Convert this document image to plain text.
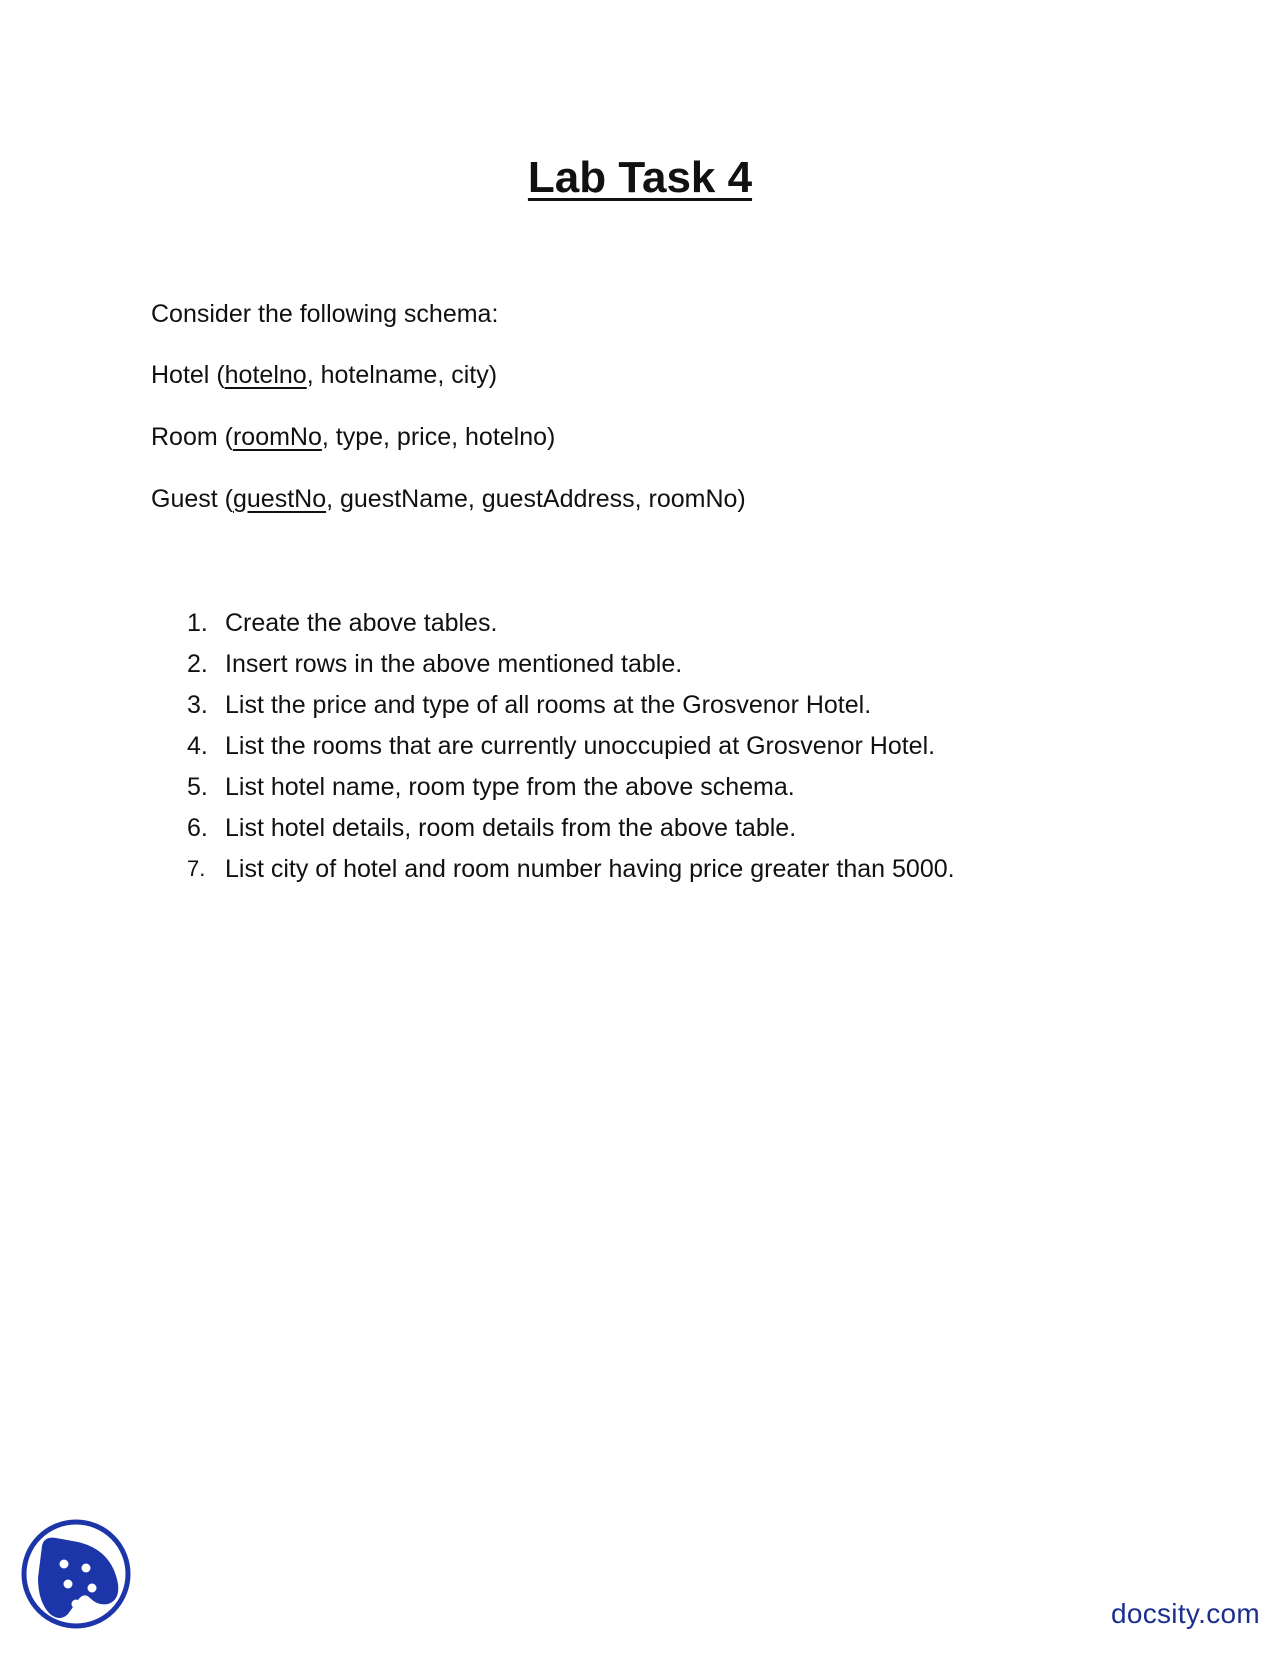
Lab Task 4
Consider the following schema:
Hotel (hotelno, hotelname, city)
Room (roomNo, type, price, hotelno)
Guest (guestNo, guestName, guestAddress, roomNo)
1. Create the above tables.
2. Insert rows in the above mentioned table.
3. List the price and type of all rooms at the Grosvenor Hotel.
4. List the rooms that are currently unoccupied at Grosvenor Hotel.
5. List hotel name, room type from the above schema.
6. List hotel details, room details from the above table.
7. List city of hotel and room number having price greater than 5000.
docsity.com
